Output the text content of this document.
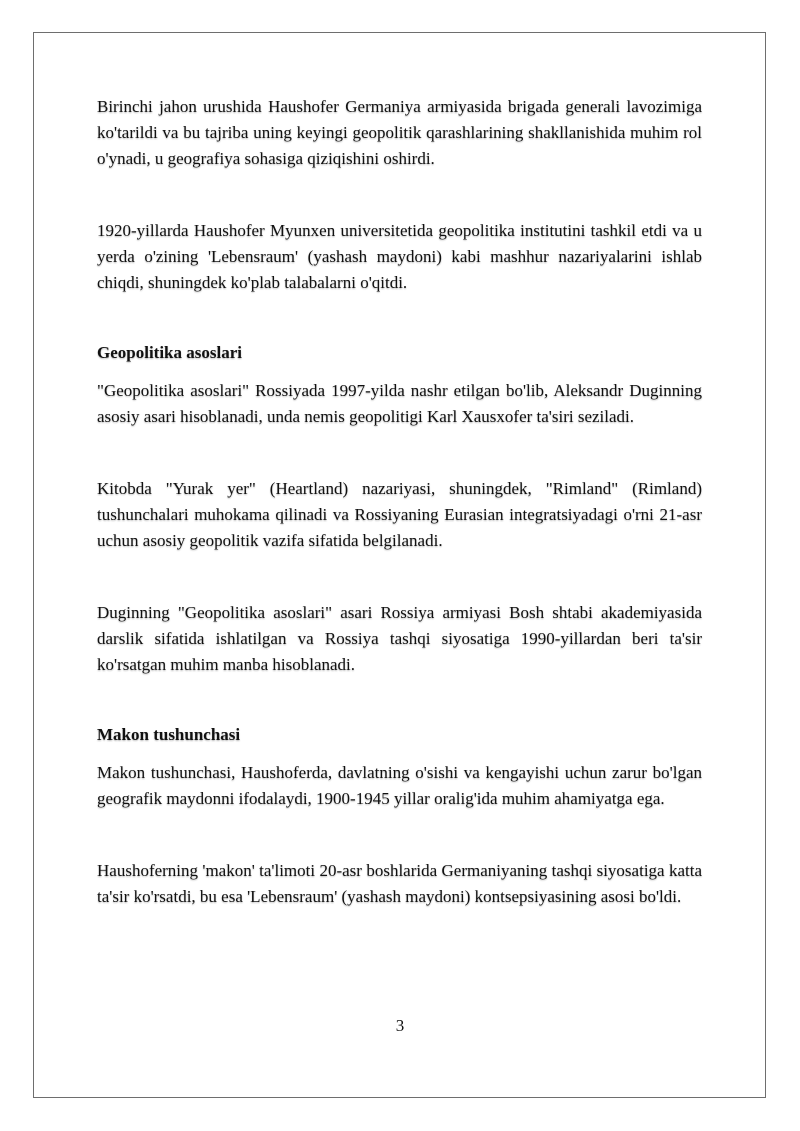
Birinchi jahon urushida Haushofer Germaniya armiyasida brigada generali lavozimiga ko'tarildi va bu tajriba uning keyingi geopolitik qarashlarining shakllanishida muhim rol o'ynadi, u geografiya sohasiga qiziqishini oshirdi.

1920-yillarda Haushofer Myunxen universitetida geopolitika institutini tashkil etdi va u yerda o'zining 'Lebensraum' (yashash maydoni) kabi mashhur nazariyalarini ishlab chiqdi, shuningdek ko'plab talabalarni o'qitdi.

Geopolitika asoslari

"Geopolitika asoslari" Rossiyada 1997-yilda nashr etilgan bo'lib, Aleksandr Duginning asosiy asari hisoblanadi, unda nemis geopolitigi Karl Xausxofer ta'siri seziladi.

Kitobda "Yurak yer" (Heartland) nazariyasi, shuningdek, "Rimland" (Rimland) tushunchalari muhokama qilinadi va Rossiyaning Eurasian integratsiyadagi o'rni 21-asr uchun asosiy geopolitik vazifa sifatida belgilanadi.

Duginning "Geopolitika asoslari" asari Rossiya armiyasi Bosh shtabi akademiyasida darslik sifatida ishlatilgan va Rossiya tashqi siyosatiga 1990-yillardan beri ta'sir ko'rsatgan muhim manba hisoblanadi.

Makon tushunchasi

Makon tushunchasi, Haushoferda, davlatning o'sishi va kengayishi uchun zarur bo'lgan geografik maydonni ifodalaydi, 1900-1945 yillar oralig'ida muhim ahamiyatga ega.

Haushoferning 'makon' ta'limoti 20-asr boshlarida Germaniyaning tashqi siyosatiga katta ta'sir ko'rsatdi, bu esa 'Lebensraum' (yashash maydoni) kontsepsiyasining asosi bo'ldi.

3
